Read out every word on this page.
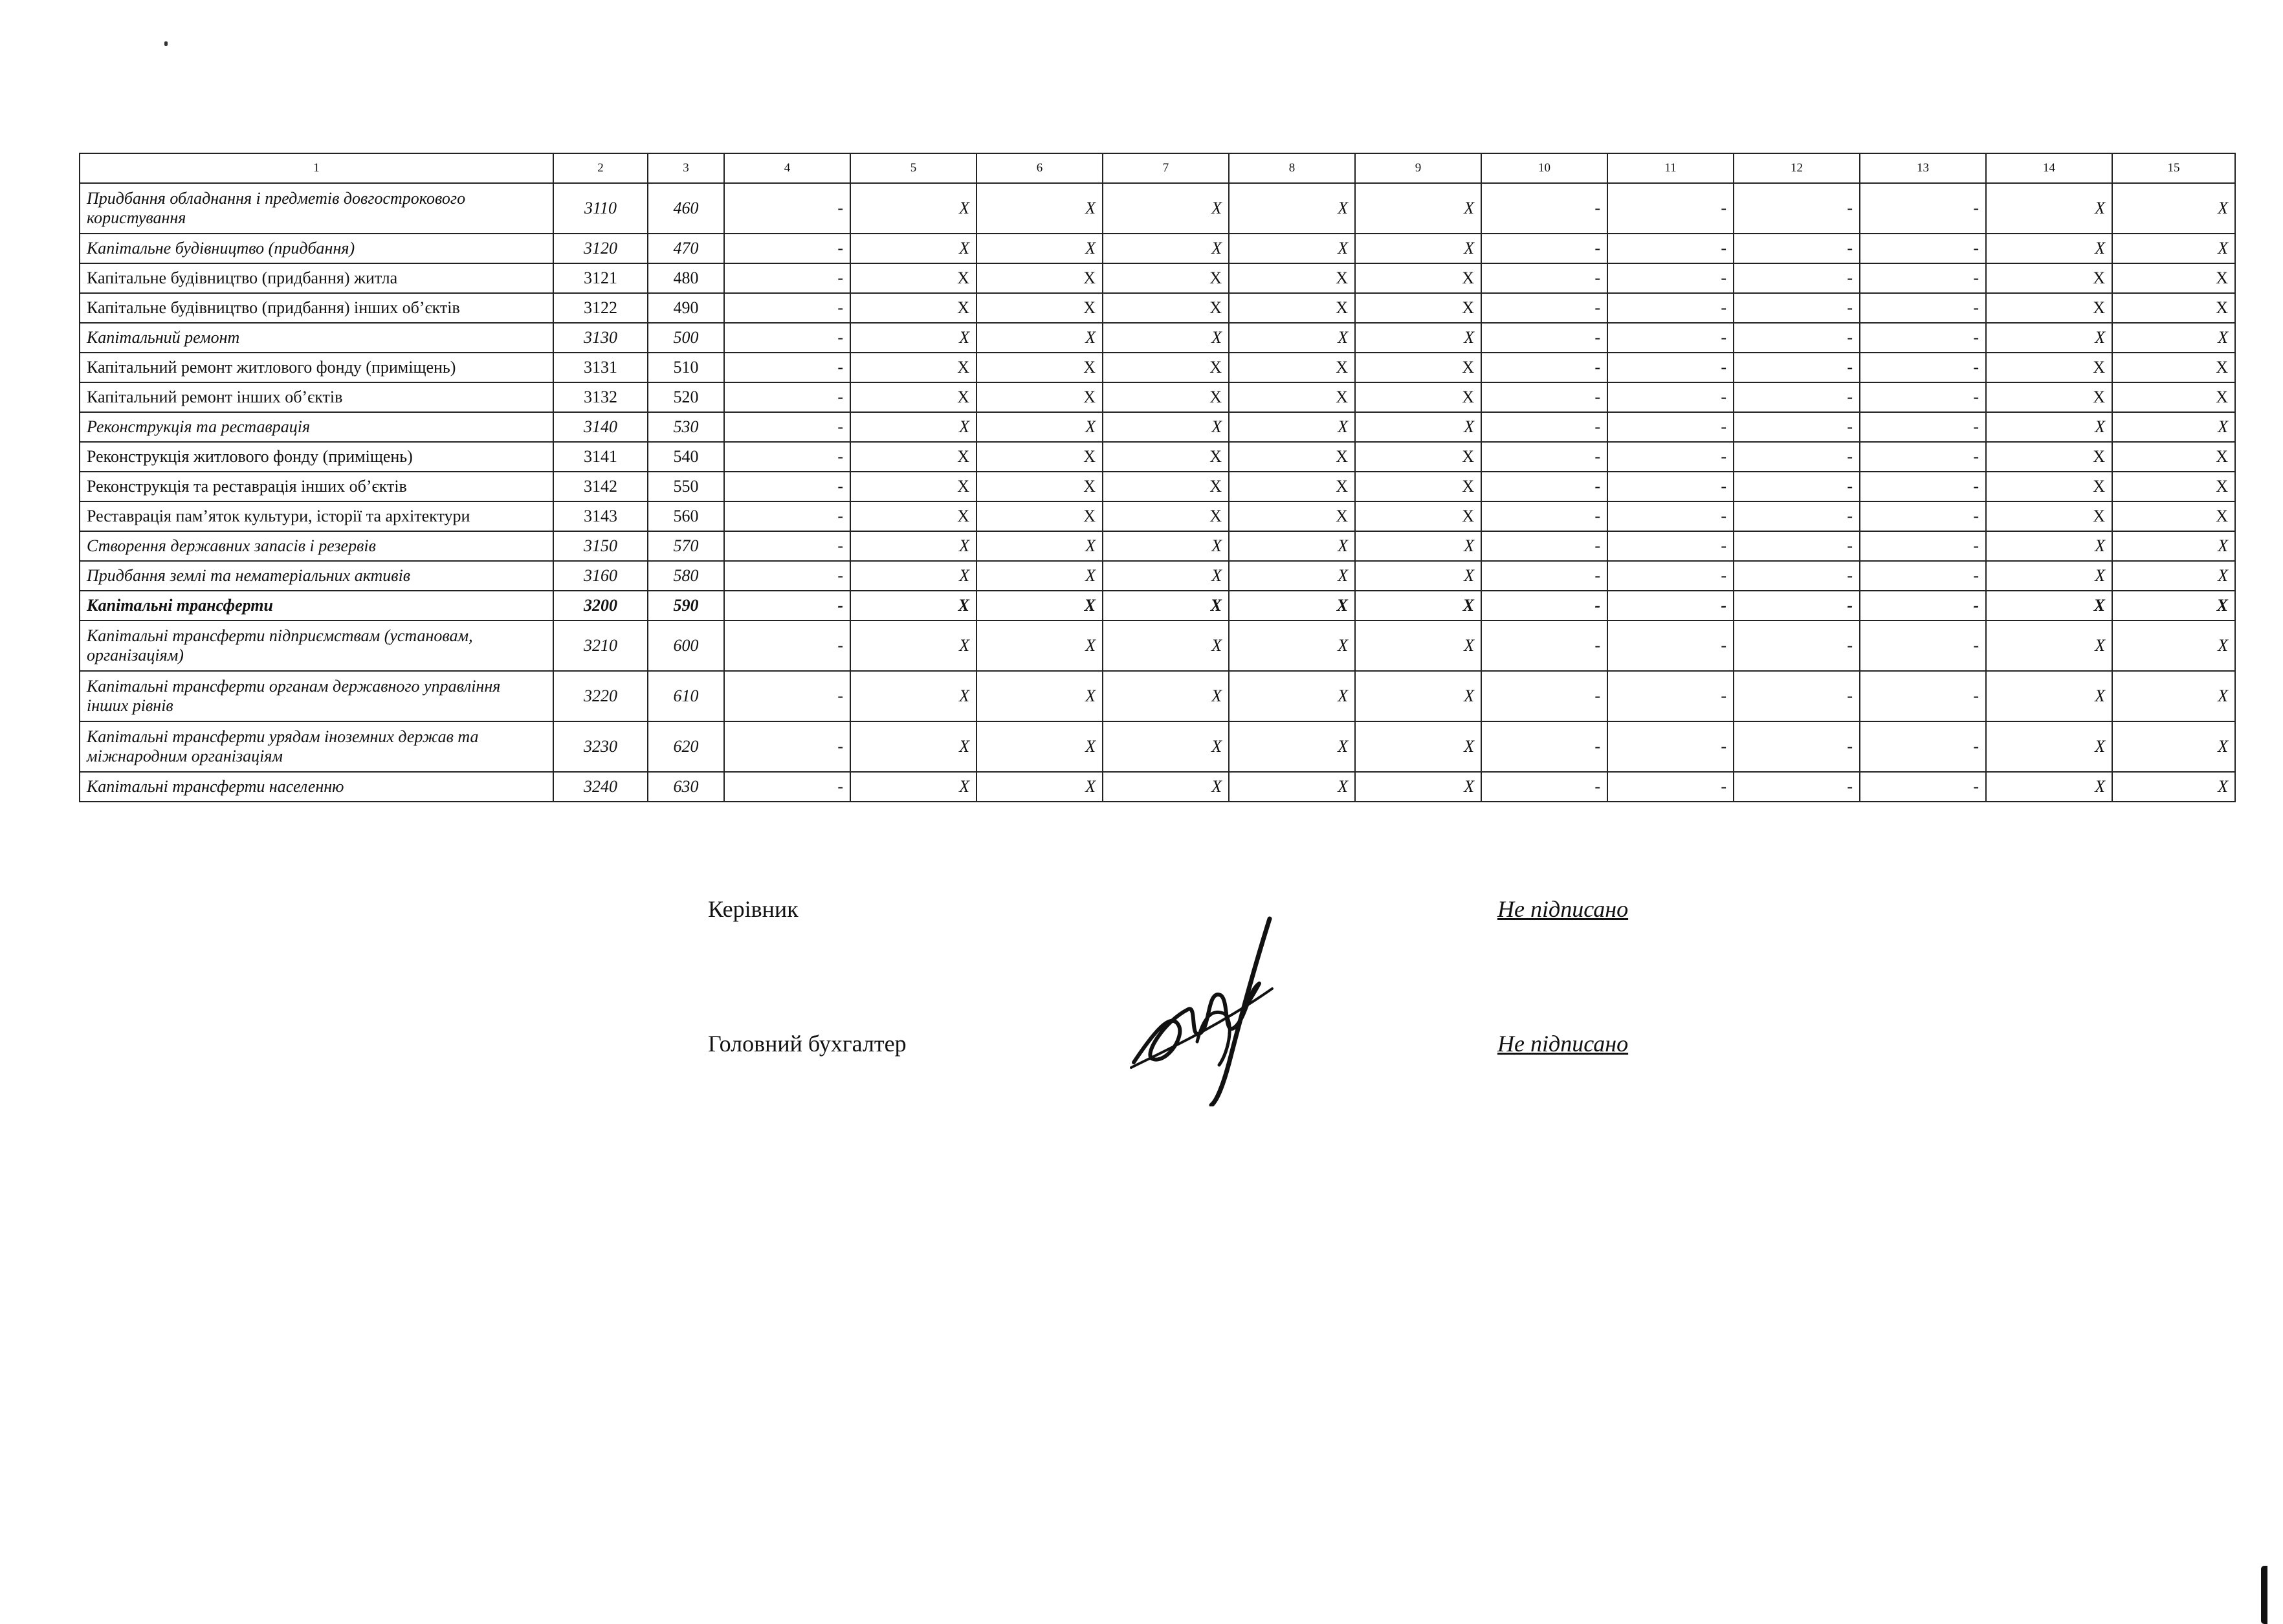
1	2	3	4	5	6	7	8	9	10	11	12	13	14	15
Придбання обладнання і предметів довгострокового користування	3110	460	-	X	X	X	X	X	-	-	-	-	X	X
Капітальне будівництво (придбання)	3120	470	-	X	X	X	X	X	-	-	-	-	X	X
Капітальне будівництво (придбання) житла	3121	480	-	X	X	X	X	X	-	-	-	-	X	X
Капітальне будівництво (придбання) інших об’єктів	3122	490	-	X	X	X	X	X	-	-	-	-	X	X
Капітальний ремонт	3130	500	-	X	X	X	X	X	-	-	-	-	X	X
Капітальний ремонт житлового фонду (приміщень)	3131	510	-	X	X	X	X	X	-	-	-	-	X	X
Капітальний ремонт інших об’єктів	3132	520	-	X	X	X	X	X	-	-	-	-	X	X
Реконструкція та реставрація	3140	530	-	X	X	X	X	X	-	-	-	-	X	X
Реконструкція житлового фонду (приміщень)	3141	540	-	X	X	X	X	X	-	-	-	-	X	X
Реконструкція та реставрація інших об’єктів	3142	550	-	X	X	X	X	X	-	-	-	-	X	X
Реставрація пам’яток культури, історії та архітектури	3143	560	-	X	X	X	X	X	-	-	-	-	X	X
Створення державних запасів і резервів	3150	570	-	X	X	X	X	X	-	-	-	-	X	X
Придбання землі та нематеріальних активів	3160	580	-	X	X	X	X	X	-	-	-	-	X	X
Капітальні трансферти	3200	590	-	X	X	X	X	X	-	-	-	-	X	X
Капітальні трансферти підприємствам (установам, організаціям)	3210	600	-	X	X	X	X	X	-	-	-	-	X	X
Капітальні трансферти органам державного управління інших рівнів	3220	610	-	X	X	X	X	X	-	-	-	-	X	X
Капітальні трансферти урядам іноземних держав та міжнародним організаціям	3230	620	-	X	X	X	X	X	-	-	-	-	X	X
Капітальні трансферти населенню	3240	630	-	X	X	X	X	X	-	-	-	-	X	X
Керівник	Не підписано
Головний бухгалтер	Не підписано
